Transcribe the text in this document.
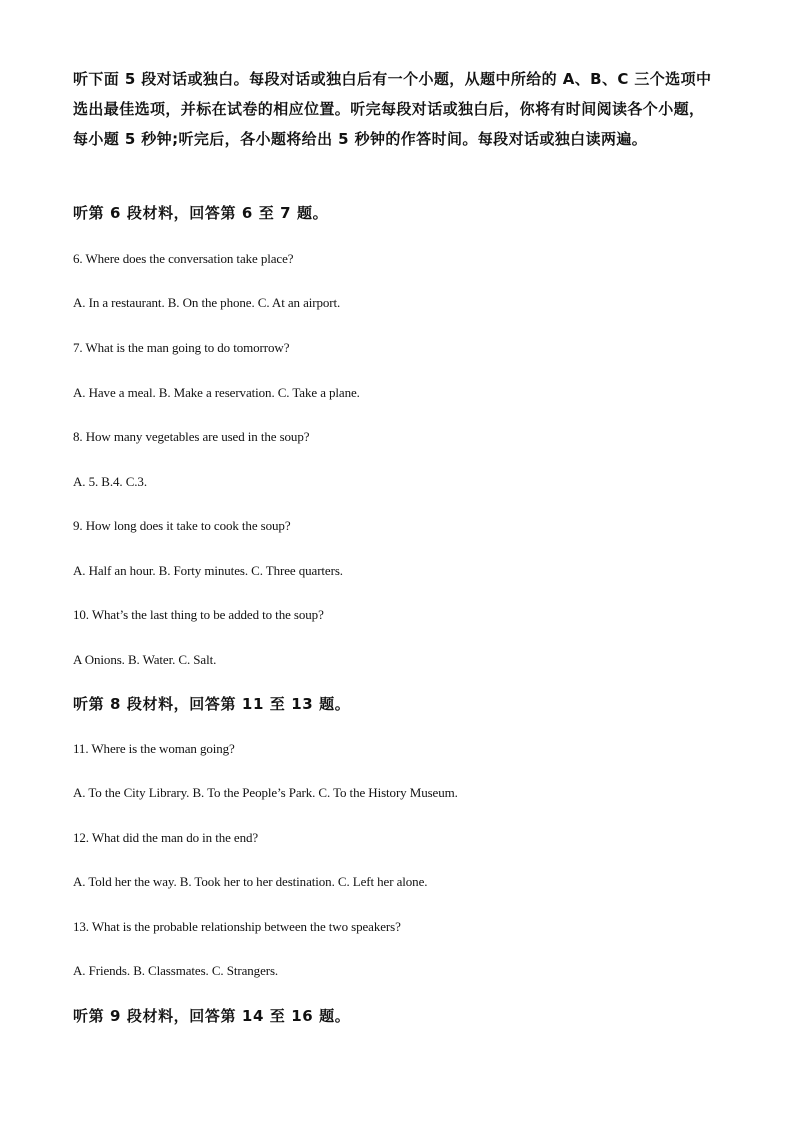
听下面 5 段对话或独白。每段对话或独白后有一个小题，从题中所给的 A、B、C 三个选项中选出最佳选项，并标在试卷的相应位置。听完每段对话或独白后，你将有时间阅读各个小题，每小题 5 秒钟;听完后，各小题将给出 5 秒钟的作答时间。每段对话或独白读两遍。

听第 6 段材料，回答第 6 至 7 题。

6. Where does the conversation take place?

A. In a restaurant. B. On the phone. C. At an airport.

7. What is the man going to do tomorrow?

A. Have a meal. B. Make a reservation. C. Take a plane.

8. How many vegetables are used in the soup?

A. 5. B.4. C.3.

9. How long does it take to cook the soup?

A. Half an hour. B. Forty minutes. C. Three quarters.

10. What’s the last thing to be added to the soup?

A Onions. B. Water. C. Salt.

听第 8 段材料，回答第 11 至 13 题。

11. Where is the woman going?

A. To the City Library. B. To the People’s Park. C. To the History Museum.

12. What did the man do in the end?

A. Told her the way. B. Took her to her destination. C. Left her alone.

13. What is the probable relationship between the two speakers?

A. Friends. B. Classmates. C. Strangers.

听第 9 段材料，回答第 14 至 16 题。
